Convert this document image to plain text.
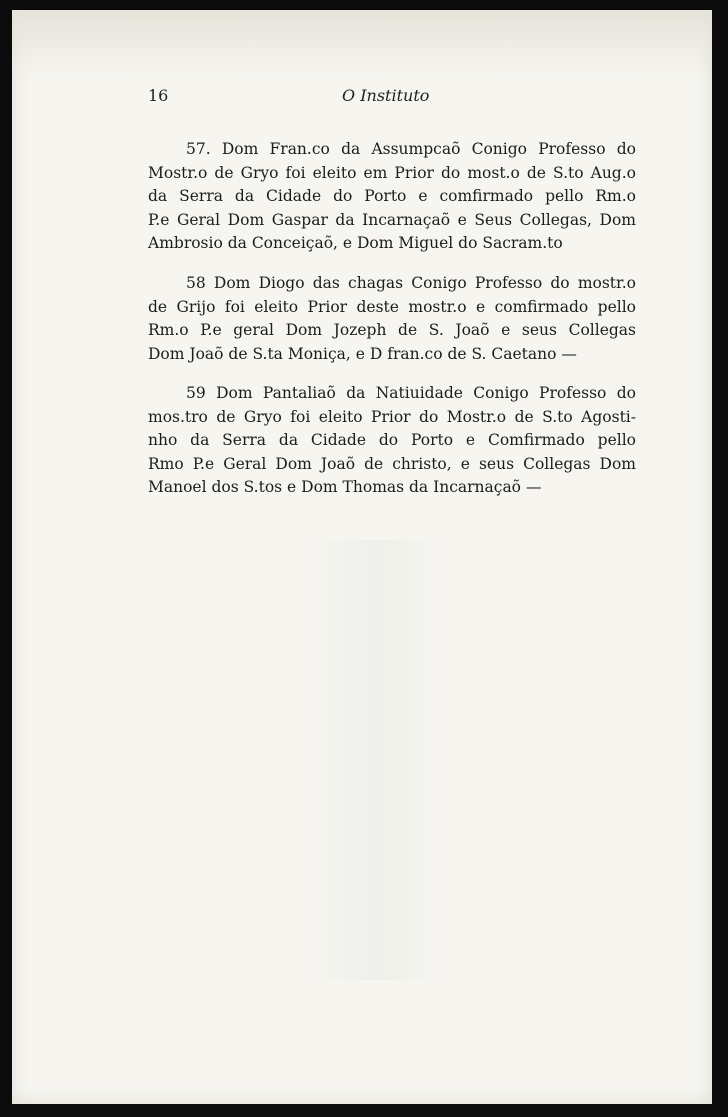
16	O Instituto
57. Dom Fran.co da Assumpcaõ Conigo Professo do
Mostr.o de Gryo foi eleito em Prior do most.o de S.to Aug.o
da Serra da Cidade do Porto e comfirmado pello Rm.o
P.e Geral Dom Gaspar da Incarnaçaõ e Seus Collegas, Dom
Ambrosio da Conceiçaõ, e Dom Miguel do Sacram.to
58 Dom Diogo das chagas Conigo Professo do mostr.o
de Grijo foi eleito Prior deste mostr.o e comfirmado pello
Rm.o P.e geral Dom Jozeph de S. Joaõ e seus Collegas
Dom Joaõ de S.ta Moniça, e D fran.co de S. Caetano —
59 Dom Pantaliaõ da Natiuidade Conigo Professo do
mos.tro de Gryo foi eleito Prior do Mostr.o de S.to Agosti-
nho da Serra da Cidade do Porto e Comfirmado pello
Rmo P.e Geral Dom Joaõ de christo, e seus Collegas Dom
Manoel dos S.tos e Dom Thomas da Incarnaçaõ —
